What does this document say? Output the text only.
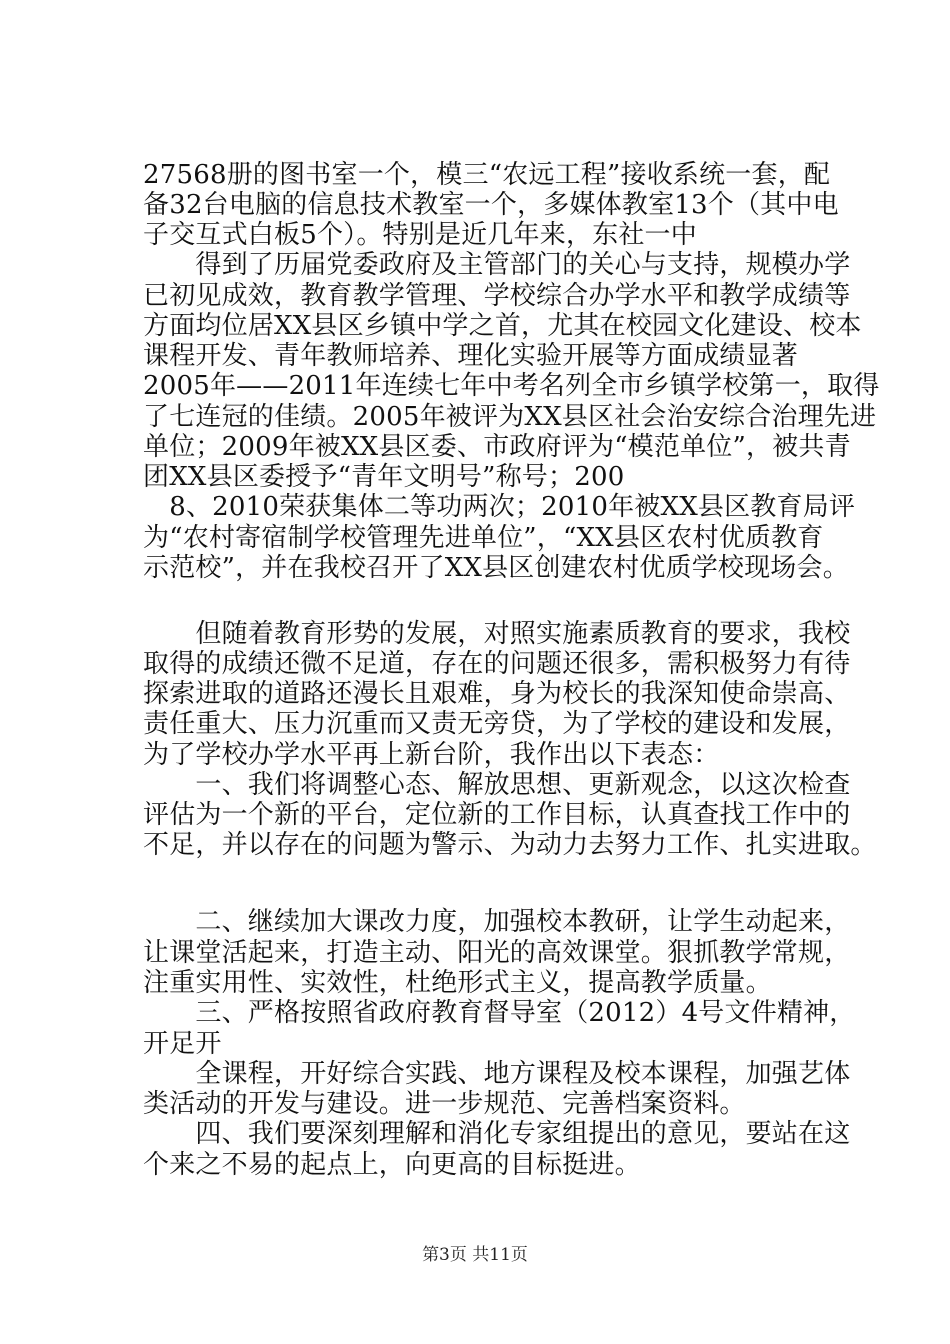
27568册的图书室一个，模三“农远工程”接收系统一套，配
备32台电脑的信息技术教室一个，多媒体教室13个（其中电
子交互式白板5个）。特别是近几年来，东社一中
　　得到了历届党委政府及主管部门的关心与支持，规模办学
已初见成效，教育教学管理、学校综合办学水平和教学成绩等
方面均位居XX县区乡镇中学之首，尤其在校园文化建设、校本
课程开发、青年教师培养、理化实验开展等方面成绩显著
2005年——2011年连续七年中考名列全市乡镇学校第一，取得
了七连冠的佳绩。2005年被评为XX县区社会治安综合治理先进
单位；2009年被XX县区委、市政府评为“模范单位”，被共青
团XX县区委授予“青年文明号”称号；200
　8、2010荣获集体二等功两次；2010年被XX县区教育局评
为“农村寄宿制学校管理先进单位”，“XX县区农村优质教育
示范校”，并在我校召开了XX县区创建农村优质学校现场会。
　　但随着教育形势的发展，对照实施素质教育的要求，我校
取得的成绩还微不足道，存在的问题还很多，需积极努力有待
探索进取的道路还漫长且艰难，身为校长的我深知使命崇高、
责任重大、压力沉重而又责无旁贷，为了学校的建设和发展，
为了学校办学水平再上新台阶，我作出以下表态：
　　一、我们将调整心态、解放思想、更新观念，以这次检查
评估为一个新的平台，定位新的工作目标，认真查找工作中的
不足，并以存在的问题为警示、为动力去努力工作、扎实进取。
　　二、继续加大课改力度，加强校本教研，让学生动起来，
让课堂活起来，打造主动、阳光的高效课堂。狠抓教学常规，
注重实用性、实效性，杜绝形式主义，提高教学质量。
　　三、严格按照省政府教育督导室（2012）4号文件精神，
开足开
　　全课程，开好综合实践、地方课程及校本课程，加强艺体
类活动的开发与建设。进一步规范、完善档案资料。
　　四、我们要深刻理解和消化专家组提出的意见，要站在这
个来之不易的起点上，向更高的目标挺进。
第3页 共11页
